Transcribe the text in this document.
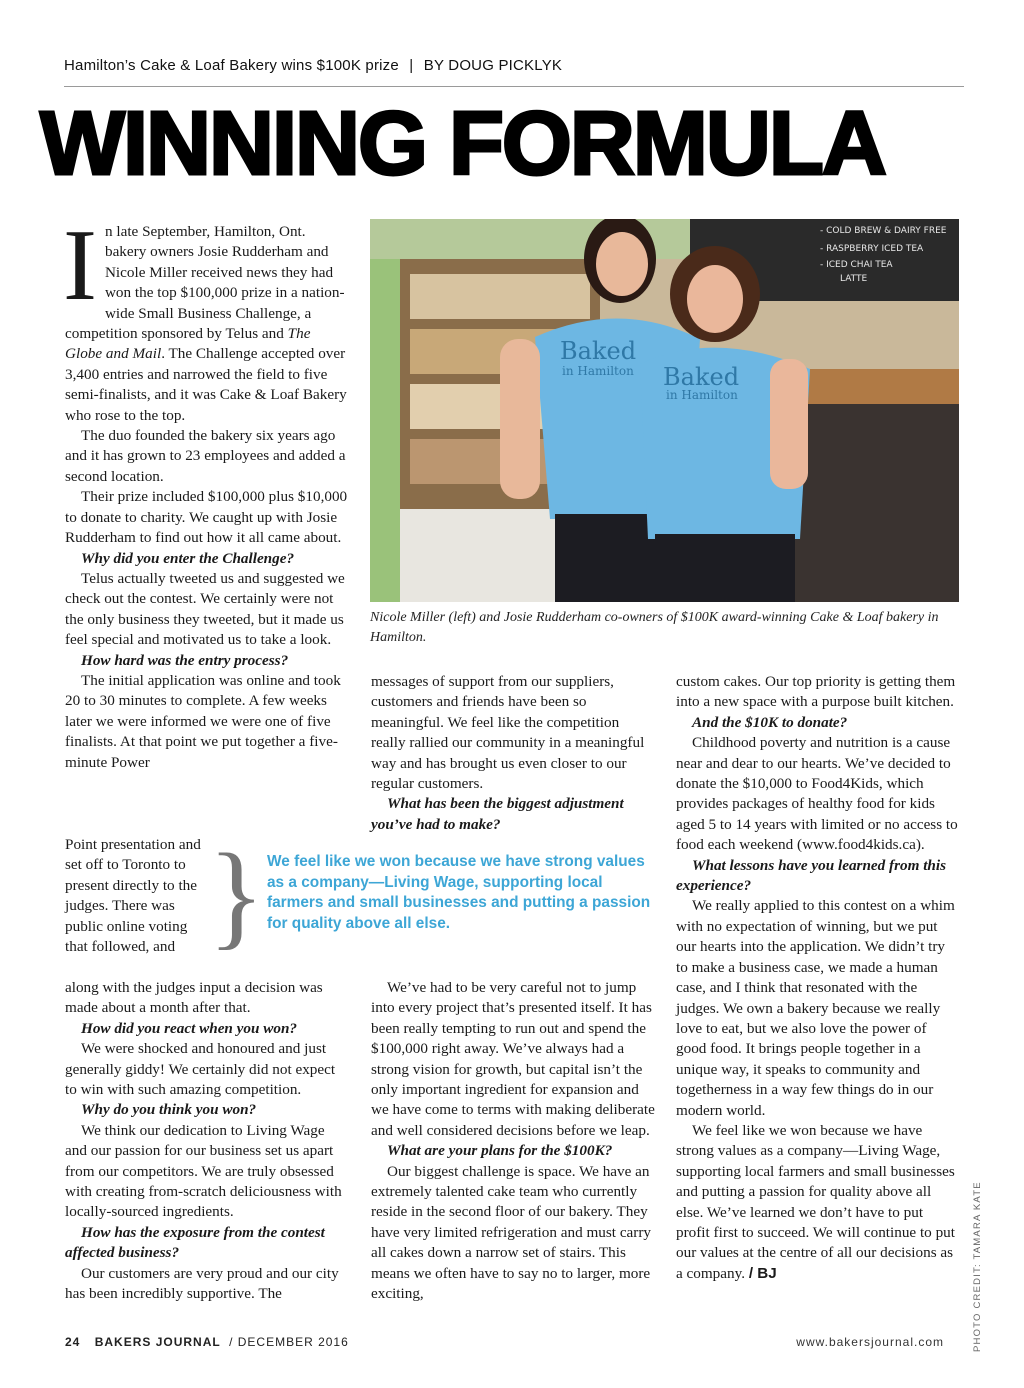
Hamilton’s Cake & Loaf Bakery wins $100K prize | BY DOUG PICKLYK
WINNING FORMULA

In late September, Hamilton, Ont. bakery owners Josie Rudderham and Nicole Miller received news they had won the top $100,000 prize in a nation-wide Small Business Challenge, a competition sponsored by Telus and The Globe and Mail. The Challenge accepted over 3,400 entries and narrowed the field to five semi-finalists, and it was Cake & Loaf Bakery who rose to the top.

The duo founded the bakery six years ago and it has grown to 23 employees and added a second location.

Their prize included $100,000 plus $10,000 to donate to charity. We caught up with Josie Rudderham to find out how it all came about.

Why did you enter the Challenge?

Telus actually tweeted us and suggested we check out the contest. We certainly were not the only business they tweeted, but it made us feel special and motivated us to take a look.

How hard was the entry process?

The initial application was online and took 20 to 30 minutes to complete. A few weeks later we were informed we were one of five finalists. At that point we put together a five-minute Power

Point presentation and set off to Toronto to present directly to the judges. There was public online voting that followed, and

along with the judges input a decision was made about a month after that.

How did you react when you won?

We were shocked and honoured and just generally giddy! We certainly did not expect to win with such amazing competition.

Why do you think you won?

We think our dedication to Living Wage and our passion for our business set us apart from our competitors. We are truly obsessed with creating from-scratch deliciousness with locally-sourced ingredients.

How has the exposure from the contest affected business?

Our customers are very proud and our city has been incredibly supportive. The

- COLD BREW & DAIRY FREE
- RASPBERRY ICED TEA
- ICED CHAI TEA
LATTE
Baked
in Hamilton Baked
in Hamilton
Nicole Miller (left) and Josie Rudderham co-owners of $100K award-winning Cake & Loaf bakery in Hamilton.
} We feel like we won because we have strong values as a company—Living Wage, supporting local farmers and small businesses and putting a passion for quality above all else.

messages of support from our suppliers, customers and friends have been so meaningful. We feel like the competition really rallied our community in a meaningful way and has brought us even closer to our regular customers.

What has been the biggest adjustment you’ve had to make?

We’ve had to be very careful not to jump into every project that’s presented itself. It has been really tempting to run out and spend the $100,000 right away. We’ve always had a strong vision for growth, but capital isn’t the only important ingredient for expansion and we have come to terms with making deliberate and well considered decisions before we leap.

What are your plans for the $100K?

Our biggest challenge is space. We have an extremely talented cake team who currently reside in the second floor of our bakery. They have very limited refrigeration and must carry all cakes down a narrow set of stairs. This means we often have to say no to larger, more exciting,

custom cakes. Our top priority is getting them into a new space with a purpose built kitchen.

And the $10K to donate?

Childhood poverty and nutrition is a cause near and dear to our hearts. We’ve decided to donate the $10,000 to Food4Kids, which provides packages of healthy food for kids aged 5 to 14 years with limited or no access to food each weekend (www.food4kids.ca).

What lessons have you learned from this experience?

We really applied to this contest on a whim with no expectation of winning, but we put our hearts into the application. We didn’t try to make a business case, we made a human case, and I think that resonated with the judges. We own a bakery because we really love to eat, but we also love the power of good food. It brings people together in a unique way, it speaks to community and togetherness in a way few things do in our modern world.

We feel like we won because we have strong values as a company—Living Wage, supporting local farmers and small businesses and putting a passion for quality above all else. We’ve learned we don’t have to put profit first to succeed. We will continue to put our values at the centre of all our decisions as a company. / BJ	PHOTO CREDIT: TAMARA KATE
24 BAKERS JOURNAL / DECEMBER 2016	www.bakersjournal.com
